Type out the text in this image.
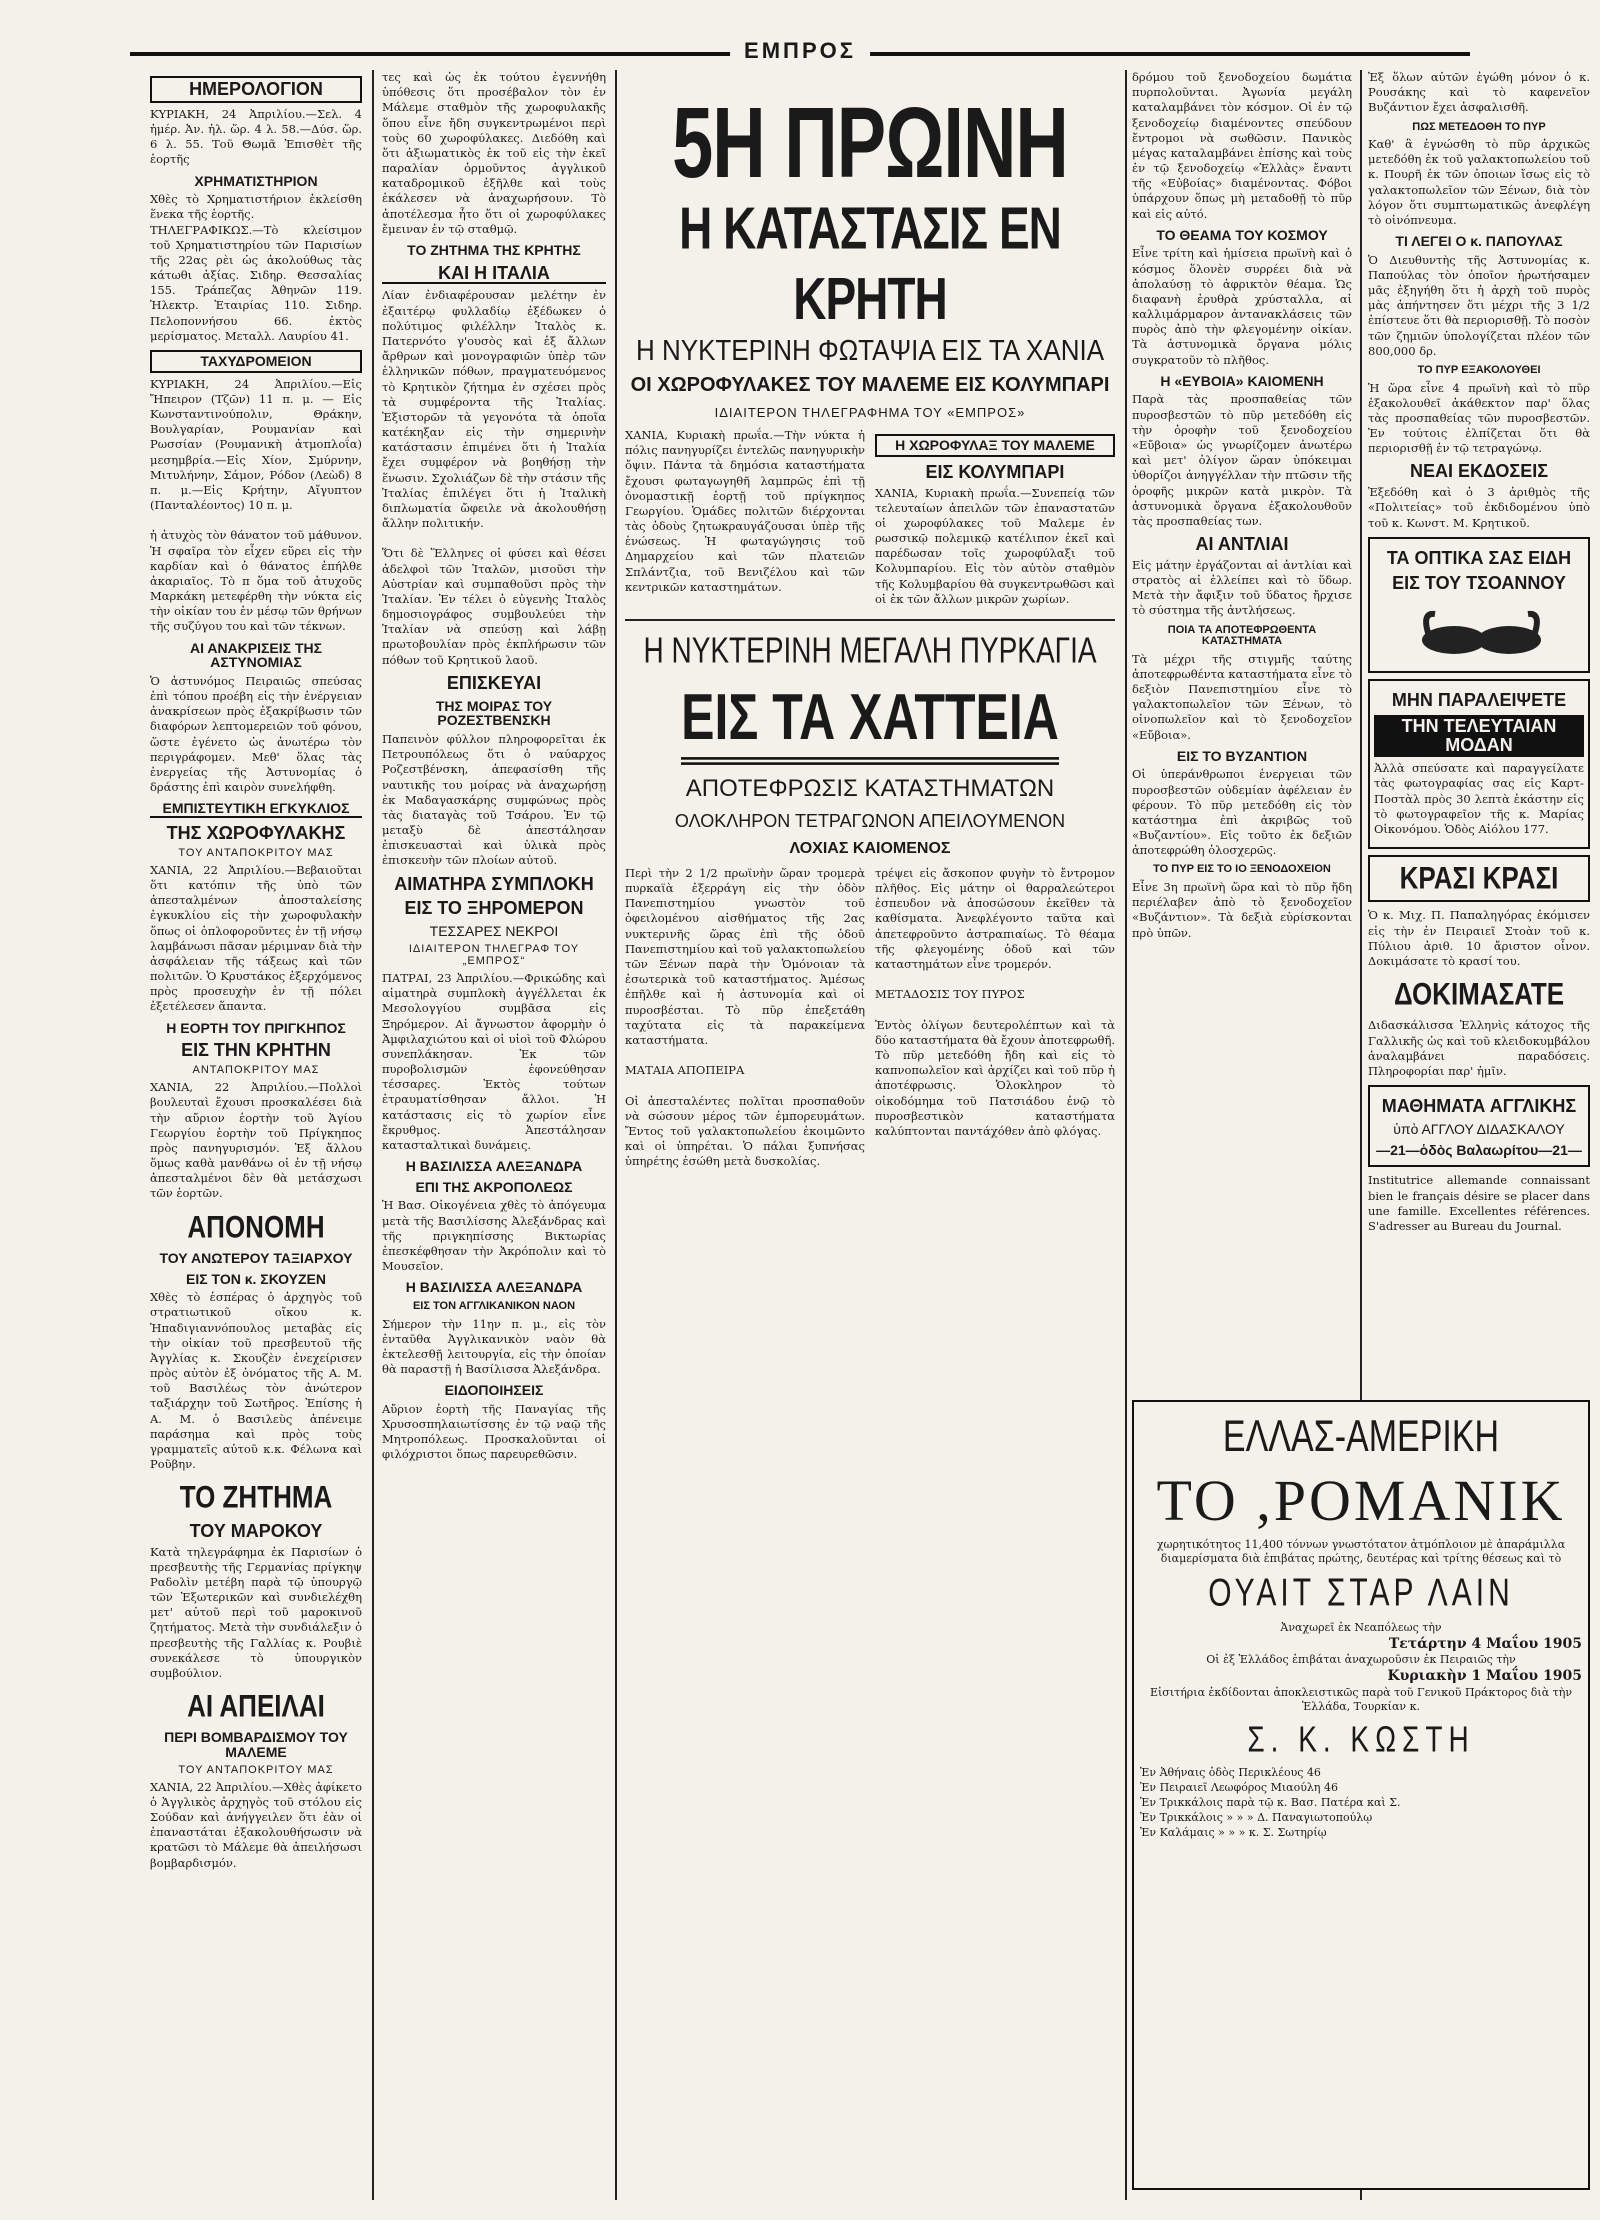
ΕΜΠΡΟΣ
ΗΜΕΡΟΛΟΓΙΟΝ
ΚΥΡΙΑΚΗ, 24 Ἀπριλίου.—Σελ. 4 ἡμέρ. Ἀν. ἡλ. ὥρ. 4 λ. 58.—Δύσ. ὥρ. 6 λ. 55. Τοῦ Θωμᾶ Ἐπισθὲτ τῆς ἑορτῆς
ΧΡΗΜΑΤΙΣΤΗΡΙΟΝ
Χθὲς τὸ Χρηματιστήριον ἐκλείσθη ἕνεκα τῆς ἑορτῆς.
ΤΗΛΕΓΡΑΦΙΚΩΣ.—Τὸ κλείσιμον τοῦ Χρηματιστηρίου τῶν Παρισίων τῆς 22ας ρὲι ὡς ἀκολούθως τὰς κάτωθι ἀξίας. Σιδηρ. Θεσσαλίας 155. Τράπεζας Ἀθηνῶν 119. Ἠλεκτρ. Ἑταιρίας 110. Σιδηρ. Πελοποννήσου 66. ἐκτὸς μερίσματος. Μεταλλ. Λαυρίου 41.
ΤΑΧΥΔΡΟΜΕΙΟΝ
ΚΥΡΙΑΚΗ, 24 Ἀπριλίου.—Εἰς Ἤπειρον (Τζῶν) 11 π. μ. — Εἰς Κωνσταντινούπολιν, Θράκην, Βουλγαρίαν, Ρουμανίαν καὶ Ρωσσίαν (Ρουμανικὴ ἀτμοπλοΐα) μεσημβρία.—Εἰς Χίον, Σμύρνην, Μιτυλήνην, Σάμον, Ρόδον (Λεὼδ) 8 π. μ.—Εἰς Κρήτην, Αἴγυπτον (Πανταλέοντος) 10 π. μ.

ἡ ἀτυχὸς τὸν θάνατον τοῦ μάθυνον. Ἡ σφαῖρα τὸν εἶχεν εὕρει εἰς τὴν καρδίαν καὶ ὁ θάνατος ἐπήλθε ἀκαριαῖος. Τὸ π ὅμα τοῦ ἀτυχοῦς Μαρκάκη μετεφέρθη τὴν νύκτα εἰς τὴν οἰκίαν του ἐν μέσῳ τῶν θρήνων τῆς συζύγου του καὶ τῶν τέκνων.
ΑΙ ΑΝΑΚΡΙΣΕΙΣ ΤΗΣ ΑΣΤΥΝΟΜΙΑΣ
Ὁ ἀστυνόμος Πειραιῶς σπεύσας ἐπὶ τόπου προέβη εἰς τὴν ἐνέργειαν ἀνακρίσεων πρὸς ἐξακρίβωσιν τῶν διαφόρων λεπτομερειῶν τοῦ φόνου, ὥστε ἐγένετο ὡς ἀνωτέρω τὸν περιγράφομεν. Μεθ' ὅλας τὰς ἐνεργείας τῆς Ἀστυνομίας ὁ δράστης ἐπὶ καιρὸν συνελήφθη.
ΕΜΠΙΣΤΕΥΤΙΚΗ ΕΓΚΥΚΛΙΟΣ
ΤΗΣ ΧΩΡΟΦΥΛΑΚΗΣ
ΤΟΥ ΑΝΤΑΠΟΚΡΙΤΟΥ ΜΑΣ
ΧΑΝΙΑ, 22 Ἀπριλίου.—Βεβαιοῦται ὅτι κατόπιν τῆς ὑπὸ τῶν ἀπεσταλμένων ἀποσταλείσης ἐγκυκλίου εἰς τὴν χωροφυλακὴν ὅπως οἱ ὁπλοφοροῦντες ἐν τῇ νήσῳ λαμβάνωσι πᾶσαν μέριμναν διὰ τὴν ἀσφάλειαν τῆς τάξεως καὶ τῶν πολιτῶν. Ὁ Κρυστάκος ἐξερχόμενος πρὸς προσευχὴν ἐν τῇ πόλει ἐξετέλεσεν ἅπαντα.
Η ΕΟΡΤΗ ΤΟΥ ΠΡΙΓΚΗΠΟΣ
ΕΙΣ ΤΗΝ ΚΡΗΤΗΝ
ΑΝΤΑΠΟΚΡΙΤΟΥ ΜΑΣ
ΧΑΝΙΑ, 22 Ἀπριλίου.—Πολλοὶ βουλευταὶ ἔχουσι προσκαλέσει διὰ τὴν αὔριον ἑορτὴν τοῦ Ἁγίου Γεωργίου ἑορτὴν τοῦ Πρίγκηπος πρὸς πανηγυρισμόν. Ἐξ ἄλλου ὅμως καθὰ μανθάνω οἱ ἐν τῇ νήσῳ ἀπεσταλμένοι δὲν θὰ μετάσχωσι τῶν ἑορτῶν.
ΑΠΟΝΟΜΗ
ΤΟΥ ΑΝΩΤΕΡΟΥ ΤΑΞΙΑΡΧΟΥ
ΕΙΣ ΤΟΝ κ. ΣΚΟΥΖΕΝ
Χθὲς τὸ ἑσπέρας ὁ ἀρχηγὸς τοῦ στρατιωτικοῦ οἴκου κ. Ἠπαδιγιαννόπουλος μεταβὰς εἰς τὴν οἰκίαν τοῦ πρεσβευτοῦ τῆς Ἀγγλίας κ. Σκουζὲν ἐνεχείρισεν πρὸς αὐτὸν ἐξ ὀνόματος τῆς Α. Μ. τοῦ Βασιλέως τὸν ἀνώτερον ταξιάρχην τοῦ Σωτῆρος. Ἐπίσης ἡ Α. Μ. ὁ Βασιλεὺς ἀπένειμε παράσημα καὶ πρὸς τοὺς γραμματεῖς αὐτοῦ κ.κ. Φέλωνα καὶ Ροῦβην.
ΤΟ ΖΗΤΗΜΑ
ΤΟΥ ΜΑΡΟΚΟΥ
Κατὰ τηλεγράφημα ἐκ Παρισίων ὁ πρεσβευτὴς τῆς Γερμανίας πρίγκηψ Ραδολὶν μετέβη παρὰ τῷ ὑπουργῷ τῶν Ἐξωτερικῶν καὶ συνδιελέχθη μετ' αὐτοῦ περὶ τοῦ μαροκινοῦ ζητήματος. Μετὰ τὴν συνδιάλεξιν ὁ πρεσβευτὴς τῆς Γαλλίας κ. Ρουβιὲ συνεκάλεσε τὸ ὑπουργικὸν συμβούλιον.
ΑΙ ΑΠΕΙΛΑΙ
ΠΕΡΙ ΒΟΜΒΑΡΔΙΣΜΟΥ ΤΟΥ ΜΑΛΕΜΕ
ΤΟΥ ΑΝΤΑΠΟΚΡΙΤΟΥ ΜΑΣ
ΧΑΝΙΑ, 22 Ἀπριλίου.—Χθὲς ἀφίκετο ὁ Ἁγγλικὸς ἀρχηγὸς τοῦ στόλου εἰς Σούδαν καὶ ἀνήγγειλεν ὅτι ἐὰν οἱ ἐπαναστάται ἐξακολουθήσωσιν νὰ κρατῶσι τὸ Μάλεμε θὰ ἀπειλήσωσι βομβαρδισμόν.
τες καὶ ὡς ἐκ τούτου ἐγεννήθη ὑπόθεσις ὅτι προσέβαλον τὸν ἐν Μάλεμε σταθμὸν τῆς χωροφυλακῆς ὅπου εἶνε ἤδη συγκεντρωμένοι περὶ τοὺς 60 χωροφύλακες. Διεδόθη καὶ ὅτι ἀξιωματικὸς ἐκ τοῦ εἰς τὴν ἐκεῖ παραλίαν ὁρμοῦντος ἀγγλικοῦ καταδρομικοῦ ἐξῆλθε καὶ τοὺς ἐκάλεσεν νὰ ἀναχωρήσουν. Τὸ ἀποτέλεσμα ἦτο ὅτι οἱ χωροφύλακες ἔμειναν ἐν τῷ σταθμῷ.
ΤΟ ΖΗΤΗΜΑ ΤΗΣ ΚΡΗΤΗΣ
ΚΑΙ Η ΙΤΑΛΙΑ
Λίαν ἐνδιαφέρουσαν μελέτην ἐν ἐξαιτέρῳ φυλλαδίῳ ἐξέδωκεν ὁ πολύτιμος φιλέλλην Ἰταλὸς κ. Πατερνότο γ'ουσὸς καὶ ἐξ ἄλλων ἄρθρων καὶ μονογραφιῶν ὑπὲρ τῶν ἑλληνικῶν πόθων, πραγματευόμενος τὸ Κρητικὸν ζήτημα ἐν σχέσει πρὸς τὰ συμφέροντα τῆς Ἰταλίας. Ἐξιστορῶν τὰ γεγονότα τὰ ὁποῖα κατέκηξαν εἰς τὴν σημερινὴν κατάστασιν ἐπιμένει ὅτι ἡ Ἰταλία ἔχει συμφέρον νὰ βοηθήσῃ τὴν ἕνωσιν. Σχολιάζων δὲ τὴν στάσιν τῆς Ἰταλίας ἐπιλέγει ὅτι ἡ Ἰταλικὴ διπλωματία ὤφειλε νὰ ἀκολουθήσῃ ἄλλην πολιτικήν.

Ὅτι δὲ Ἕλληνες οἱ φύσει καὶ θέσει ἀδελφοὶ τῶν Ἰταλῶν, μισοῦσι τὴν Αὐστρίαν καὶ συμπαθοῦσι πρὸς τὴν Ἰταλίαν. Ἐν τέλει ὁ εὐγενὴς Ἰταλὸς δημοσιογράφος συμβουλεύει τὴν Ἰταλίαν νὰ σπεύσῃ καὶ λάβῃ πρωτοβουλίαν πρὸς ἐκπλήρωσιν τῶν πόθων τοῦ Κρητικοῦ λαοῦ.
ΕΠΙΣΚΕΥΑΙ
ΤΗΣ ΜΟΙΡΑΣ ΤΟΥ ΡΟΖΕΣΤΒΕΝΣΚΗ
Παπεινὸν φύλλον πληροφορεῖται ἐκ Πετρουπόλεως ὅτι ὁ ναύαρχος Ροζεστβένσκη, ἀπεφασίσθη τῆς ναυτικῆς του μοίρας νὰ ἀναχωρήσῃ ἐκ Μαδαγασκάρης συμφώνως πρὸς τὰς διαταγὰς τοῦ Τσάρου. Ἐν τῷ μεταξὺ δὲ ἀπεστάλησαν ἐπισκευασταὶ καὶ ὑλικὰ πρὸς ἐπισκευὴν τῶν πλοίων αὐτοῦ.
ΑΙΜΑΤΗΡΑ ΣΥΜΠΛΟΚΗ
ΕΙΣ ΤΟ ΞΗΡΟΜΕΡΟΝ
ΤΕΣΣΑΡΕΣ ΝΕΚΡΟΙ
ΙΔΙΑΙΤΕΡΟΝ ΤΗΛΕΓΡΑΦ ΤΟΥ „ΕΜΠΡΟΣ“
ΠΑΤΡΑΙ, 23 Ἀπριλίου.—Φρικώδης καὶ αἱματηρὰ συμπλοκὴ ἀγγέλλεται ἐκ Μεσολογγίου συμβᾶσα εἰς Ξηρόμερον. Αἱ ἄγνωστον ἀφορμὴν ὁ Ἀμφιλαχιώτου καὶ οἱ υἱοὶ τοῦ Φλώρου συνεπλάκησαν. Ἐκ τῶν πυροβολισμῶν ἐφονεύθησαν τέσσαρες. Ἐκτὸς τούτων ἐτραυματίσθησαν ἄλλοι. Ἡ κατάστασις εἰς τὸ χωρίον εἶνε ἔκρυθμος. Ἀπεστάλησαν κατασταλτικαὶ δυνάμεις.
Η ΒΑΣΙΛΙΣΣΑ ΑΛΕΞΑΝΔΡΑ
ΕΠΙ ΤΗΣ ΑΚΡΟΠΟΛΕΩΣ
Ἡ Βασ. Οἰκογένεια χθὲς τὸ ἀπόγευμα μετὰ τῆς Βασιλίσσης Ἀλεξάνδρας καὶ τῆς πριγκηπίσσης Βικτωρίας ἐπεσκέφθησαν τὴν Ἀκρόπολιν καὶ τὸ Μουσεῖον.
Η ΒΑΣΙΛΙΣΣΑ ΑΛΕΞΑΝΔΡΑ
ΕΙΣ ΤΟΝ ΑΓΓΛΙΚΑΝΙΚΟΝ ΝΑΟΝ
Σήμερον τὴν 11ην π. μ., εἰς τὸν ἐνταῦθα Ἀγγλικανικὸν ναὸν θὰ ἐκτελεσθῇ λειτουργία, εἰς τὴν ὁποίαν θὰ παραστῇ ἡ Βασίλισσα Ἀλεξάνδρα.
ΕΙΔΟΠΟΙΗΣΕΙΣ
Αὔριον ἑορτὴ τῆς Παναγίας τῆς Χρυσοσπηλαιωτίσσης ἐν τῷ ναῷ τῆς Μητροπόλεως. Προσκαλοῦνται οἱ φιλόχριστοι ὅπως παρευρεθῶσιν.
5Η ΠΡΩΙΝΗ
Η ΚΑΤΑΣΤΑΣΙΣ ΕΝ ΚΡΗΤΗ
Η ΝΥΚΤΕΡΙΝΗ ΦΩΤΑΨΙΑ ΕΙΣ ΤΑ ΧΑΝΙΑ
ΟΙ ΧΩΡΟΦΥΛΑΚΕΣ ΤΟΥ ΜΑΛΕΜΕ ΕΙΣ ΚΟΛΥΜΠΑΡΙ
ΙΔΙΑΙΤΕΡΟΝ ΤΗΛΕΓΡΑΦΗΜΑ ΤΟΥ «ΕΜΠΡΟΣ»
ΧΑΝΙΑ, Κυριακὴ πρωΐα.—Τὴν νύκτα ἡ πόλις πανηγυρίζει ἐντελῶς πανηγυρικὴν ὄψιν. Πάντα τὰ δημόσια καταστήματα ἔχουσι φωταγωγηθῆ λαμπρῶς ἐπὶ τῇ ὀνομαστικῇ ἑορτῇ τοῦ πρίγκηπος Γεωργίου. Ὁμάδες πολιτῶν διέρχονται τὰς ὁδοὺς ζητωκραυγάζουσαι ὑπὲρ τῆς ἑνώσεως. Ἡ φωταγώγησις τοῦ Δημαρχείου καὶ τῶν πλατειῶν Σπλάντζια, τοῦ Βενιζέλου καὶ τῶν κεντρικῶν καταστημάτων.
Η ΧΩΡΟΦΥΛΑΞ ΤΟΥ ΜΑΛΕΜΕ
ΕΙΣ ΚΟΛΥΜΠΑΡΙ
ΧΑΝΙΑ, Κυριακὴ πρωΐα.—Συνεπείᾳ τῶν τελευταίων ἀπειλῶν τῶν ἐπαναστατῶν οἱ χωροφύλακες τοῦ Μαλεμε ἐν ρωσσικῷ πολεμικῷ κατέλιπον ἐκεῖ καὶ παρέδωσαν τοῖς χωροφύλαξι τοῦ Κολυμπαρίου. Εἰς τὸν αὐτὸν σταθμὸν τῆς Κολυμβαρίου θὰ συγκεντρωθῶσι καὶ οἱ ἐκ τῶν ἄλλων μικρῶν χωρίων.
Η ΝΥΚΤΕΡΙΝΗ ΜΕΓΑΛΗ ΠΥΡΚΑΓΙΑ
ΕΙΣ ΤΑ ΧΑΤΤΕΙΑ
ΑΠΟΤΕΦΡΩΣΙΣ ΚΑΤΑΣΤΗΜΑΤΩΝ
ΟΛΟΚΛΗΡΟΝ ΤΕΤΡΑΓΩΝΟΝ ΑΠΕΙΛΟΥΜΕΝΟΝ
ΛΟΧΙΑΣ ΚΑΙΟΜΕΝΟΣ
Περὶ τὴν 2 1/2 πρωϊνὴν ὥραν τρομερὰ πυρκαϊὰ ἐξερράγη εἰς τὴν ὁδὸν Πανεπιστημίου γνωστὸν τοῦ ὀφειλομένου αἰσθήματος τῆς 2ας νυκτερινῆς ὥρας ἐπὶ τῆς ὁδοῦ Πανεπιστημίου καὶ τοῦ γαλακτοπωλείου τῶν Ξένων παρὰ τὴν Ὁμόνοιαν τὰ ἐσωτερικὰ τοῦ καταστήματος. Ἀμέσως ἐπῆλθε καὶ ἡ ἀστυνομία καὶ οἱ πυροσβέσται. Τὸ πῦρ ἐπεξετάθη ταχύτατα εἰς τὰ παρακείμενα καταστήματα.

ΜΑΤΑΙΑ ΑΠΟΠΕΙΡΑ

Οἱ ἀπεσταλέντες πολῖται προσπαθοῦν νὰ σώσουν μέρος τῶν ἐμπορευμάτων. Ἔντος τοῦ γαλακτοπωλείου ἐκοιμῶντο καὶ οἱ ὑπηρέται. Ὁ πάλαι ξυπνήσας ὑπηρέτης ἐσώθη μετὰ δυσκολίας.
τρέψει εἰς ἄσκοπον φυγὴν τὸ ἔντρομον πλῆθος. Εἰς μάτην οἱ θαρραλεώτεροι ἐσπευδον νὰ ἀποσώσουν ἐκεῖθεν τὰ καθίσματα. Ἀνεφλέγοντο ταῦτα καὶ ἀπετεφροῦντο ἀστραπιαίως. Τὸ θέαμα τῆς φλεγομένης ὁδοῦ καὶ τῶν καταστημάτων εἶνε τρομερόν.

ΜΕΤΑΔΟΣΙΣ ΤΟΥ ΠΥΡΟΣ

Ἐντὸς ὀλίγων δευτερολέπτων καὶ τὰ δύο καταστήματα θὰ ἔχουν ἀποτεφρωθῆ. Τὸ πῦρ μετεδόθη ἤδη καὶ εἰς τὸ καπνοπωλεῖον καὶ ἀρχίζει καὶ τοῦ πῦρ ἡ ἀποτέφρωσις. Ὁλοκληρον τὸ οἰκοδόμημα τοῦ Πατσιάδου ἐνῷ τὸ πυροσβεστικὸν καταστήματα καλύπτονται παντάχόθεν ἀπὸ φλόγας.
δρόμου τοῦ ξενοδοχείου δωμάτια πυρπολοῦνται. Ἀγωνία μεγάλη καταλαμβάνει τὸν κόσμον. Οἱ ἐν τῷ ξενοδοχείῳ διαμένοντες σπεύδουν ἔντρομοι νὰ σωθῶσιν. Πανικὸς μέγας καταλαμβάνει ἐπίσης καὶ τοὺς ἐν τῷ ξενοδοχείῳ «Ἑλλὰς» ἔναντι τῆς «Εὐβοίας» διαμένοντας. Φόβοι ὑπάρχουν ὅπως μὴ μεταδοθῇ τὸ πῦρ καὶ εἰς αὐτό.
ΤΟ ΘΕΑΜΑ ΤΟΥ ΚΟΣΜΟΥ
Εἶνε τρίτη καὶ ἡμίσεια πρωϊνὴ καὶ ὁ κόσμος ὅλονὲν συρρέει διὰ νὰ ἀπολαύσῃ τὸ ἀφρικτὸν θέαμα. Ὡς διαφανὴ ἐρυθρὰ χρύσταλλα, αἱ καλλιμάρμαρον ἀντανακλάσεις τῶν πυρὸς ἀπὸ τὴν φλεγομένην οἰκίαν. Τὰ ἀστυνομικὰ ὄργανα μόλις συγκρατοῦν τὸ πλῆθος.
Η «ΕΥΒΟΙΑ» ΚΑΙΟΜΕΝΗ
Παρὰ τὰς προσπαθείας τῶν πυροσβεστῶν τὸ πῦρ μετεδόθη εἰς τὴν ὀροφὴν τοῦ ξενοδοχείου «Εὔβοια» ὡς γνωρίζομεν ἀνωτέρω καὶ μετ' ὀλίγον ὥραν ὑπόκειμαι ὑθορίζοι ἀνηγγέλλαν τὴν πτῶσιν τῆς ὀροφῆς μικρῶν κατὰ μικρὸν. Τὰ ἀστυνομικὰ ὄργανα ἐξακολουθοῦν τὰς προσπαθείας των.
ΑΙ ΑΝΤΛΙΑΙ
Εἰς μάτην ἐργάζονται αἱ ἀντλίαι καὶ στρατὸς αἱ ἐλλείπει καὶ τὸ ὕδωρ. Μετὰ τὴν ἄφιξιν τοῦ ὕδατος ἤρχισε τὸ σύστημα τῆς ἀντλήσεως.
ΠΟΙΑ ΤΑ ΑΠΟΤΕΦΡΩΘΕΝΤΑ ΚΑΤΑΣΤΗΜΑΤΑ
Τὰ μέχρι τῆς στιγμῆς ταύτης ἀποτεφρωθέντα καταστήματα εἶνε τὸ δεξιὸν Πανεπιστημίου εἶνε τὸ γαλακτοπωλεῖον τῶν Ξένων, τὸ οἰνοπωλεῖον καὶ τὸ ξενοδοχεῖον «Εὔβοια».
ΕΙΣ ΤΟ ΒΥΖΑΝΤΙΟΝ
Οἱ ὑπεράνθρωποι ἐνεργειαι τῶν πυροσβεστῶν οὐδεμίαν ἀφέλειαν ἐν φέρουν. Τὸ πῦρ μετεδόθη εἰς τὸν κατάστημα ἐπὶ ἀκριβῶς τοῦ «Βυζαντίου». Εἰς τοῦτο ἐκ δεξιῶν ἀποτεφρώθη ὁλοσχερῶς.
ΤΟ ΠΥΡ ΕΙΣ ΤΟ ΙΟ ΞΕΝΟΔΟΧΕΙΟΝ
Εἶνε 3η πρωϊνὴ ὥρα καὶ τὸ πῦρ ἤδη περιέλαβεν ἀπὸ τὸ ξενοδοχεῖον «Βυζάντιον». Τὰ δεξιὰ εὑρίσκονται πρὸ ὑπῶν.
Ἐξ ὅλων αὐτῶν ἐγώθη μόνον ὁ κ. Ρουσάκης καὶ τὸ καφενεῖον Βυζάντιον ἔχει ἀσφαλισθῆ.
ΠΩΣ ΜΕΤΕΔΟΘΗ ΤΟ ΠΥΡ
Καθ' ἃ ἐγνώσθη τὸ πῦρ ἀρχικῶς μετεδόθη ἐκ τοῦ γαλακτοπωλείου τοῦ κ. Πουρῆ ἐκ τῶν ὀποιων ἴσως εἰς τὸ γαλακτοπωλεῖον τῶν Ξένων, διὰ τὸν λόγον ὅτι συμπτωματικῶς ἀνεφλέγη τὸ οἰνόπνευμα.
ΤΙ ΛΕΓΕΙ Ο κ. ΠΑΠΟΥΛΑΣ
Ὁ Διευθυντὴς τῆς Ἀστυνομίας κ. Παπούλας τὸν ὁποῖον ἠρωτήσαμεν μᾶς ἐξηγήθη ὅτι ἡ ἀρχὴ τοῦ πυρὸς μὰς ἀπήντησεν ὅτι μέχρι τῆς 3 1/2 ἐπίστευε ὅτι θὰ περιορισθῇ. Τὸ ποσὸν τῶν ζημιῶν ὑπολογίζεται πλέον τῶν 800,000 δρ.
ΤΟ ΠΥΡ ΕΞΑΚΟΛΟΥΘΕΙ
Ἡ ὥρα εἶνε 4 πρωϊνὴ καὶ τὸ πῦρ ἐξακολουθεῖ ἀκάθεκτον παρ' ὅλας τὰς προσπαθείας τῶν πυροσβεστῶν. Ἐν τούτοις ἐλπίζεται ὅτι θὰ περιορισθῇ ἐν τῷ τετραγώνῳ.
ΝΕΑΙ ΕΚΔΟΣΕΙΣ
Ἐξεδόθη καὶ ὁ 3 ἀριθμὸς τῆς «Πολιτείας» τοῦ ἐκδιδομένου ὑπὸ τοῦ κ. Κωνστ. Μ. Κρητικοῦ.
ΤΑ ΟΠΤΙΚΑ ΣΑΣ ΕΙΔΗ
ΕΙΣ ΤΟΥ ΤΣΟΑΝΝΟΥ
ΜΗΝ ΠΑΡΑΛΕΙΨΕΤΕ
ΤΗΝ ΤΕΛΕΥΤΑΙΑΝ ΜΟΔΑΝ
Ἀλλὰ σπεύσατε καὶ παραγγείλατε τὰς φωτογραφίας σας εἰς Καρτ-Ποστὰλ πρὸς 30 λεπτὰ ἑκάστην εἰς τὸ φωτογραφεῖον τῆς κ. Μαρίας Οἰκονόμου. Ὁδὸς Αἰόλου 177.
ΚΡΑΣΙ ΚΡΑΣΙ
Ὁ κ. Μιχ. Π. Παπαληγόρας ἐκόμισεν εἰς τὴν ἐν Πειραιεῖ Στοὰν τοῦ κ. Πύλιου ἀριθ. 10 ἄριστον οἶνον. Δοκιμάσατε τὸ κρασί του.
ΔΟΚΙΜΑΣΑΤΕ
Διδασκάλισσα Ἑλληνὶς κάτοχος τῆς Γαλλικῆς ὡς καὶ τοῦ κλειδοκυμβάλου ἀναλαμβάνει παραδόσεις. Πληροφορίαι παρ' ἡμῖν.
ΜΑΘΗΜΑΤΑ ΑΓΓΛΙΚΗΣ
ὑπὸ ΑΓΓΛΟΥ ΔΙΔΑΣΚΑΛΟΥ
—21—ὁδὸς Βαλαωρίτου—21—
Institutrice allemande connaissant bien le français désire se placer dans une famille. Excellentes références. S'adresser au Bureau du Journal.
ΕΛΛΑΣ-ΑΜΕΡΙΚΗ
ΤΟ ,ΡΟΜΑΝΙΚ
χωρητικότητος 11,400 τόννων γνωστότατον ἀτμόπλοιον μὲ ἀπαράμιλλα διαμερίσματα διὰ ἐπιβάτας πρώτης, δευτέρας καὶ τρίτης θέσεως καὶ τὸ
ΟΥΑΙΤ ΣΤΑΡ ΛΑΙΝ
Ἀναχωρεῖ ἐκ Νεαπόλεως τὴν
Τετάρτην 4 Μαΐου 1905
Οἱ ἐξ Ἑλλάδος ἐπιβάται ἀναχωροῦσιν ἐκ Πειραιῶς τὴν
Κυριακὴν 1 Μαΐου 1905
Εἰσιτήρια ἐκδίδονται ἀποκλειστικῶς παρὰ τοῦ Γενικοῦ Πράκτορος διὰ τὴν Ἑλλάδα, Τουρκίαν κ.
Σ. Κ. ΚΩΣΤΗ
Ἐν Ἀθήναις ὁδὸς Περικλέους 46
Ἐν Πειραιεῖ Λεωφόρος Μιαούλη 46
Ἐν Τρικκάλοις παρὰ τῷ κ. Βασ. Πατέρα καὶ Σ.
Ἐν Τρικκάλοις » » » Δ. Παναγιωτοπούλῳ
Ἐν Καλάμαις » » » κ. Σ. Σωτηρίῳ
